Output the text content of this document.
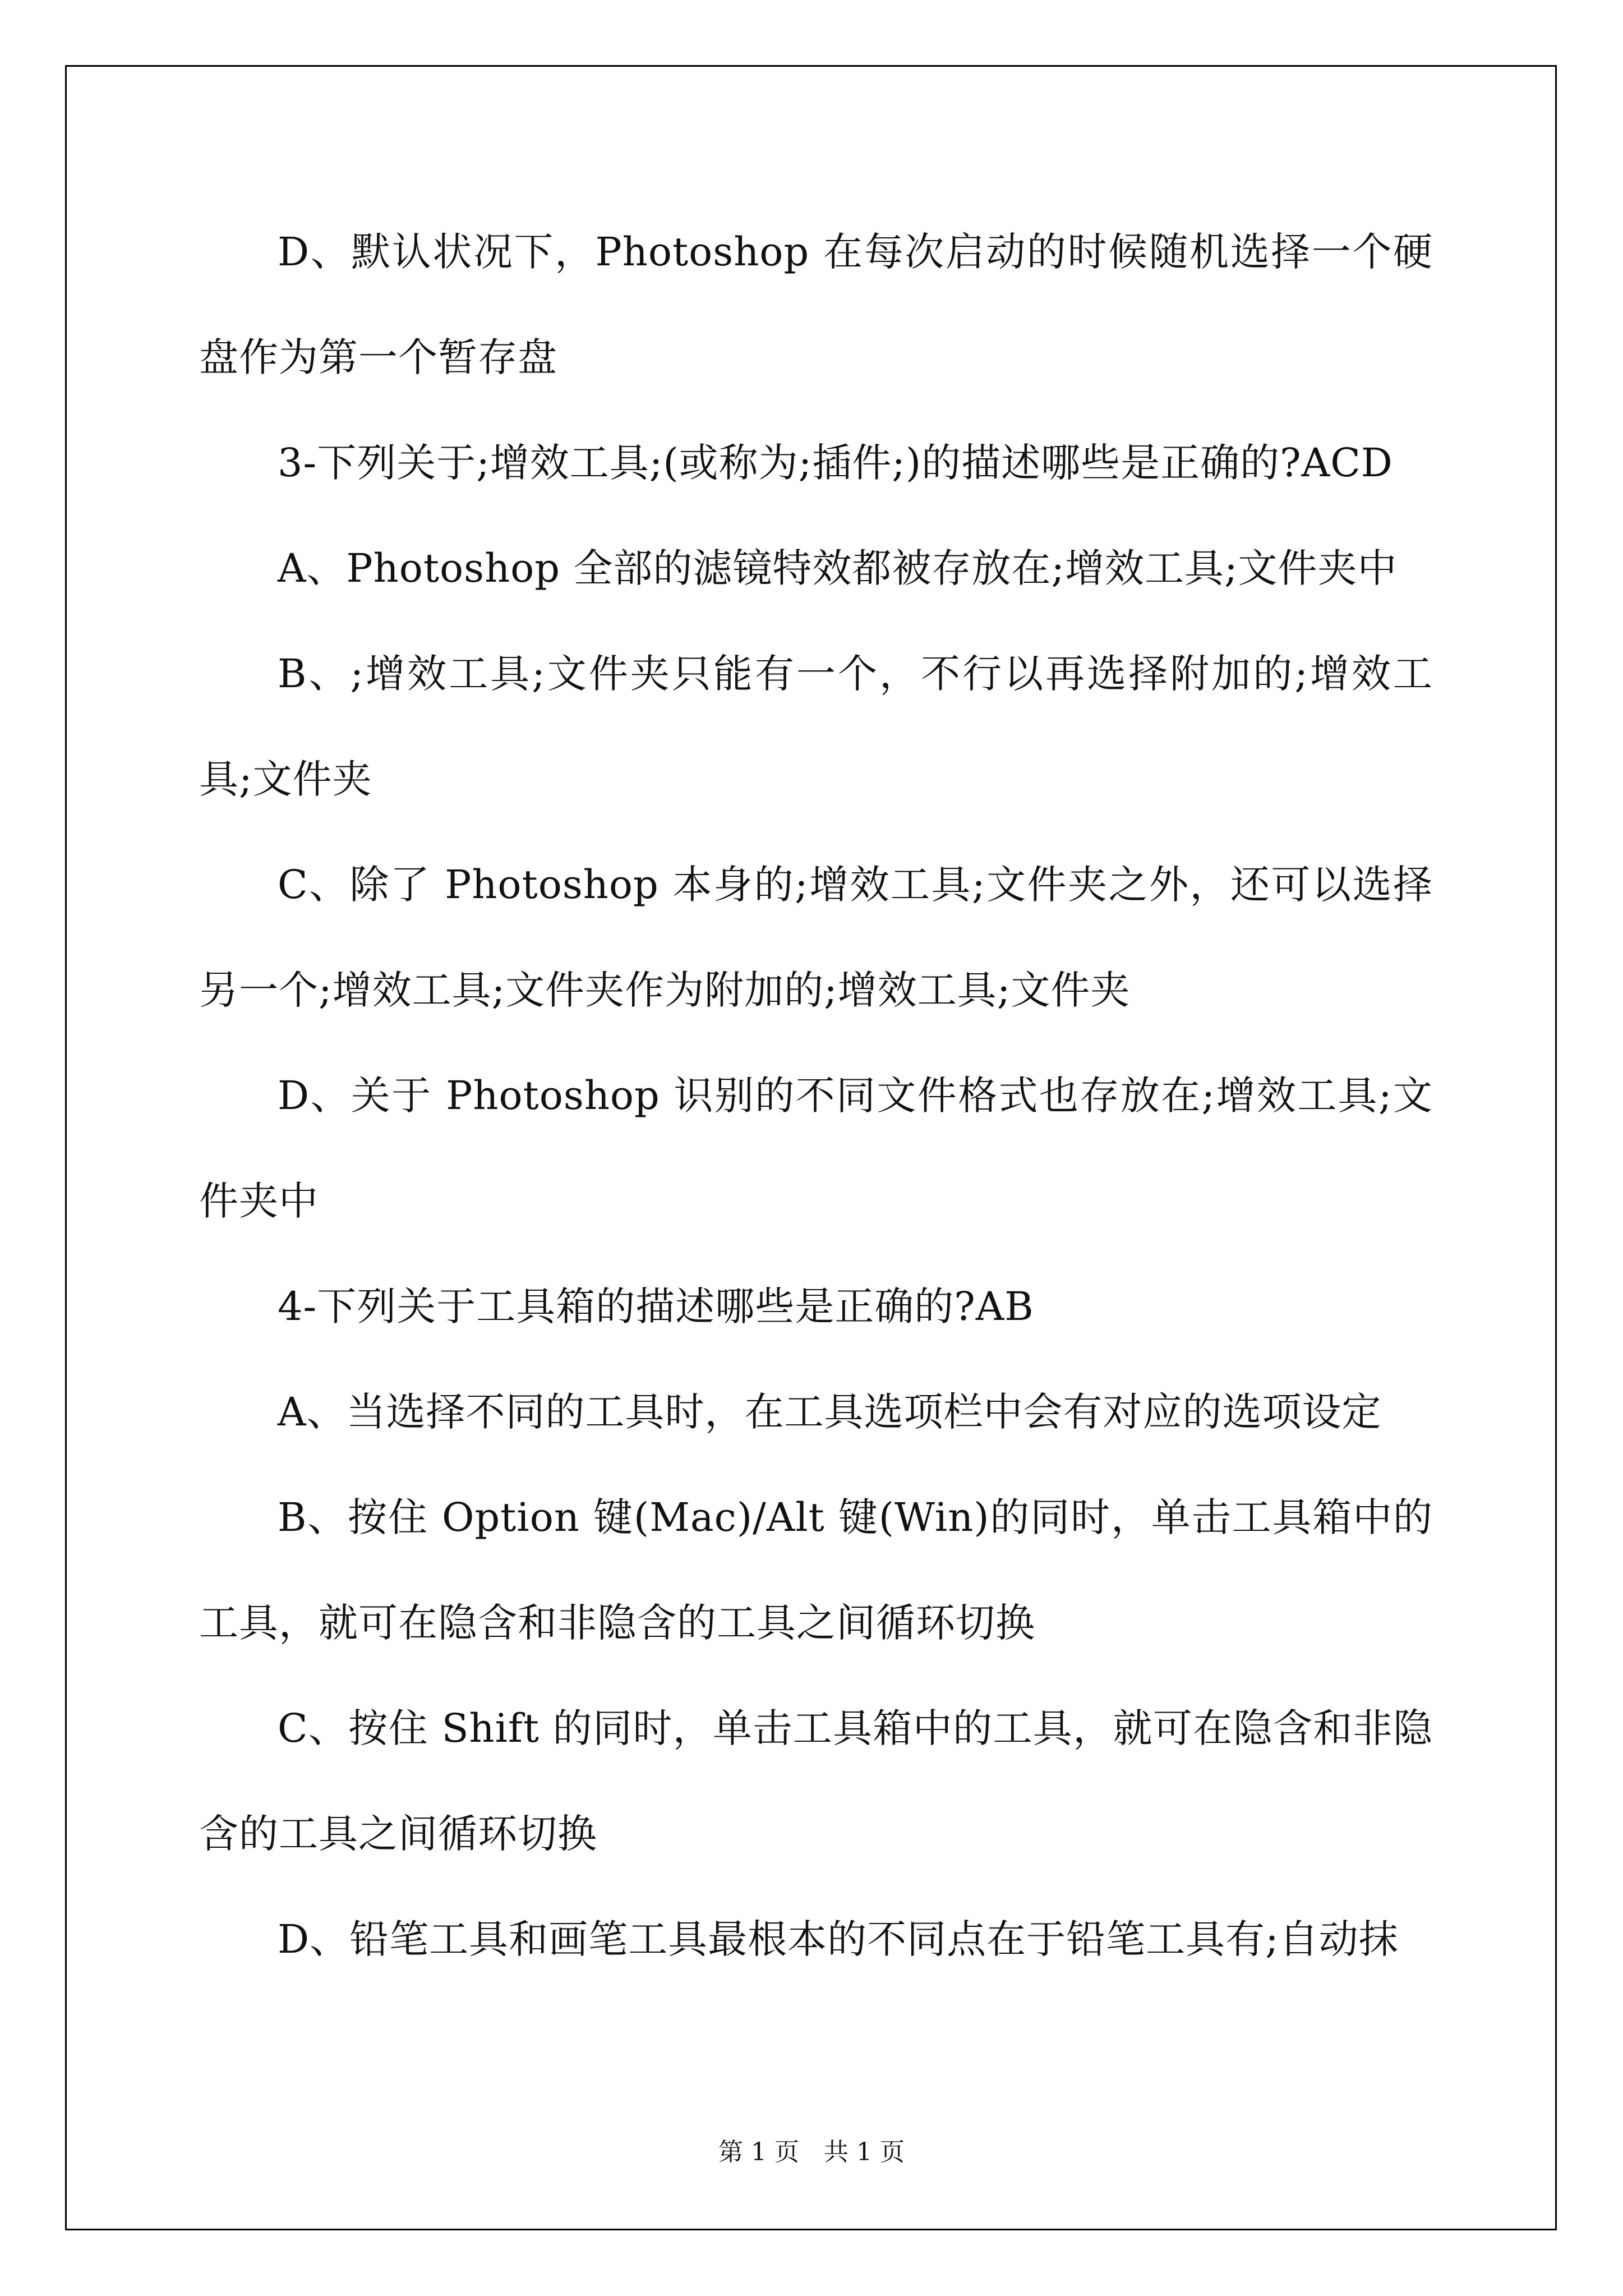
D、默认状况下，Photoshop 在每次启动的时候随机选择一个硬盘作为第一个暂存盘

3-下列关于;增效工具;(或称为;插件;)的描述哪些是正确的?ACD

A、Photoshop 全部的滤镜特效都被存放在;增效工具;文件夹中

B、;增效工具;文件夹只能有一个，不行以再选择附加的;增效工具;文件夹

C、除了 Photoshop 本身的;增效工具;文件夹之外，还可以选择另一个;增效工具;文件夹作为附加的;增效工具;文件夹

D、关于 Photoshop 识别的不同文件格式也存放在;增效工具;文件夹中

4-下列关于工具箱的描述哪些是正确的?AB

A、当选择不同的工具时，在工具选项栏中会有对应的选项设定

B、按住 Option 键(Mac)/Alt 键(Win)的同时，单击工具箱中的工具，就可在隐含和非隐含的工具之间循环切换

C、按住 Shift 的同时，单击工具箱中的工具，就可在隐含和非隐含的工具之间循环切换

D、铅笔工具和画笔工具最根本的不同点在于铅笔工具有;自动抹

第 1 页　共 1 页
